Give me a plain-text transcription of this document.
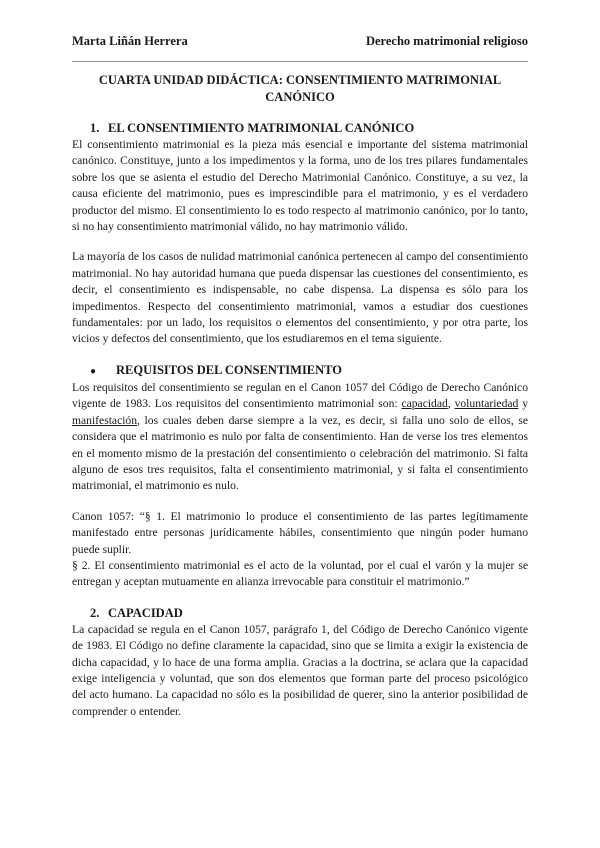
Marta Liñán Herrera	Derecho matrimonial religioso
CUARTA UNIDAD DIDÁCTICA: CONSENTIMIENTO MATRIMONIAL
CANÓNICO
1. EL CONSENTIMIENTO MATRIMONIAL CANÓNICO

El consentimiento matrimonial es la pieza más esencial e importante del sistema matrimonial canónico. Constituye, junto a los impedimentos y la forma, uno de los tres pilares fundamentales sobre los que se asienta el estudio del Derecho Matrimonial Canónico. Constituye, a su vez, la causa eficiente del matrimonio, pues es imprescindible para el matrimonio, y es el verdadero productor del mismo. El consentimiento lo es todo respecto al matrimonio canónico, por lo tanto, si no hay consentimiento matrimonial válido, no hay matrimonio válido.

La mayoría de los casos de nulidad matrimonial canónica pertenecen al campo del consentimiento matrimonial. No hay autoridad humana que pueda dispensar las cuestiones del consentimiento, es decir, el consentimiento es indispensable, no cabe dispensa. La dispensa es sólo para los impedimentos. Respecto del consentimiento matrimonial, vamos a estudiar dos cuestiones fundamentales: por un lado, los requisitos o elementos del consentimiento, y por otra parte, los vicios y defectos del consentimiento, que los estudiaremos en el tema siguiente.

● REQUISITOS DEL CONSENTIMIENTO

Los requisitos del consentimiento se regulan en el Canon 1057 del Código de Derecho Canónico vigente de 1983. Los requisitos del consentimiento matrimonial son: capacidad, voluntariedad y manifestación, los cuales deben darse siempre a la vez, es decir, si falla uno solo de ellos, se considera que el matrimonio es nulo por falta de consentimiento. Han de verse los tres elementos en el momento mismo de la prestación del consentimiento o celebración del matrimonio. Si falta alguno de esos tres requisitos, falta el consentimiento matrimonial, y si falta el consentimiento matrimonial, el matrimonio es nulo.

Canon 1057: “§ 1. El matrimonio lo produce el consentimiento de las partes legítimamente manifestado entre personas jurídicamente hábiles, consentimiento que ningún poder humano puede suplir.
§ 2. El consentimiento matrimonial es el acto de la voluntad, por el cual el varón y la mujer se entregan y aceptan mutuamente en alianza irrevocable para constituir el matrimonio.”

2. CAPACIDAD

La capacidad se regula en el Canon 1057, parágrafo 1, del Código de Derecho Canónico vigente de 1983. El Código no define claramente la capacidad, sino que se limita a exigir la existencia de dicha capacidad, y lo hace de una forma amplia. Gracias a la doctrina, se aclara que la capacidad exige inteligencia y voluntad, que son dos elementos que forman parte del proceso psicológico del acto humano. La capacidad no sólo es la posibilidad de querer, sino la anterior posibilidad de comprender o entender.
